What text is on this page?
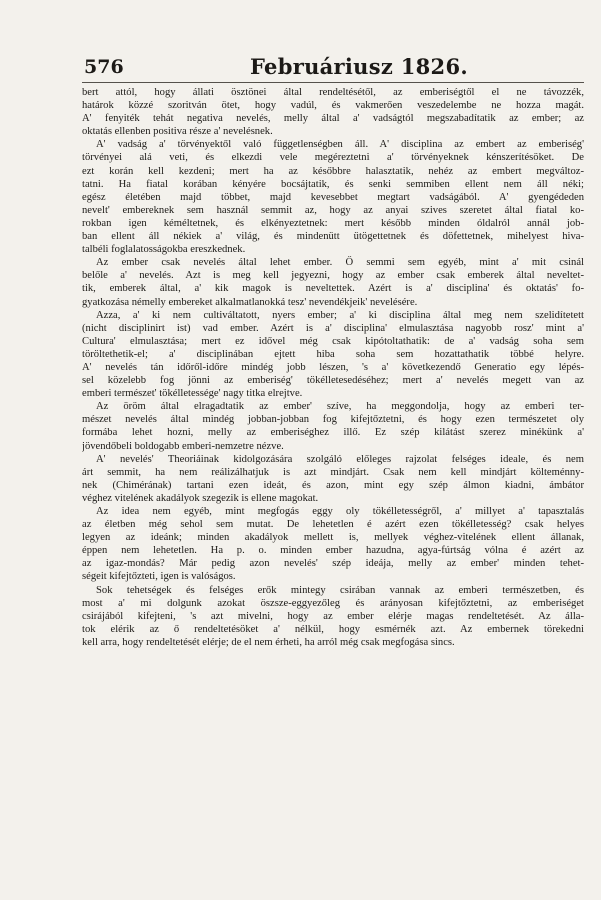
576	Februáriusz 1826.
bert attól, hogy állati ösztönei által rendeltésétől, az emberiségtől el ne távozzék,
határok közzé szoritván ötet, hogy vadúl, és vakmerően veszedelembe ne hozza magát.
A' fenyiték tehát negativa nevelés, melly által a' vadságtól megszabadítatik az ember; az
oktatás ellenben positiva része a' nevelésnek.
A' vadság a' törvényektől való függetlenségben áll. A' disciplina az embert az emberiség'
törvényei alá veti, és elkezdi vele megéreztetni a' törvényeknek kénszerítésöket. De
ezt korán kell kezdeni; mert ha az későbbre halasztatik, nehéz az embert megváltoz-
tatni. Ha fiatal korában kényére bocsájtatik, és senki semmiben ellent nem áll néki;
egész életében majd többet, majd kevesebbet megtart vadságából. A' gyengédeden
nevelt' embereknek sem használ semmit az, hogy az anyai szives szeretet által fiatal ko-
rokban igen kéméltetnek, és elkényeztetnek: mert később minden óldalról annál job-
ban ellent áll nékiek a' világ, és mindenütt ütögettetnek és döfettetnek, mihelyest hiva-
talbéli foglalatosságokba ereszkednek.
Az ember csak nevelés által lehet ember. Ő semmi sem egyéb, mint a' mit csinál
belőle a' nevelés. Azt is meg kell jegyezni, hogy az ember csak emberek által neveltet-
tik, emberek által, a' kik magok is neveltettek. Azért is a' disciplina' és oktatás' fo-
gyatkozása némelly embereket alkalmatlanokká tesz' nevendékjeik' nevelésére.
Azza, a' ki nem cultiváltatott, nyers ember; a' ki disciplina által meg nem szelidítetett
(nicht disciplinirt ist) vad ember. Azért is a' disciplina' elmulasztása nagyobb rosz' mint a'
Cultura' elmulasztása; mert ez idővel még csak kipótoltathatik: de a' vadság soha sem
töröltethetik-el; a' disciplinában ejtett hiba soha sem hozattathatik többé helyre.
A' nevelés tán időről-időre mindég jobb lészen, 's a' következendő Generatio egy lépés-
sel közelebb fog jönni az emberiség' tökélletesedéséhez; mert a' nevelés megett van az
emberi természet' tökélletessége' nagy titka elrejtve.
Az öröm által elragadtatik az ember' szíve, ha meggondolja, hogy az emberi ter-
mészet nevelés által mindég jobban-jobban fog kifejtőztetni, és hogy ezen természetet oly
formába lehet hozni, melly az emberiséghez illő. Ez szép kilátást szerez minékünk a'
jövendőbeli boldogabb emberi-nemzetre nézve.
A' nevelés' Theoriáinak kidolgozására szolgáló előleges rajzolat felséges ideale, és nem
árt semmit, ha nem reálizálhatjuk is azt mindjárt. Csak nem kell mindjárt költeménny-
nek (Chimérának) tartani ezen ideát, és azon, mint egy szép álmon kiadni, ámbátor
véghez vitelének akadályok szegezik is ellene magokat.
Az idea nem egyéb, mint megfogás eggy oly tökélletességről, a' millyet a' tapasztalás
az életben még sehol sem mutat. De lehetetlen é azért ezen tökélletesség? csak helyes
legyen az ideánk; minden akadályok mellett is, mellyek véghez-vitelének ellent állanak,
éppen nem lehetetlen. Ha p. o. minden ember hazudna, agya-fúrtság vólna é azért az
az igaz-mondás? Már pedig azon nevelés' szép ideája, melly az ember' minden tehet-
ségeit kifejtőzteti, igen is valóságos.
Sok tehetségek és felséges erők mintegy csirában vannak az emberi természetben, és
most a' mi dolgunk azokat öszsze-eggyezőleg és arányosan kifejtőztetni, az emberiséget
csirájából kifejteni, 's azt mivelni, hogy az ember elérje magas rendeltetését. Az álla-
tok elérik az ő rendeltetésöket a' nélkül, hogy esmérnék azt. Az embernek törekedni
kell arra, hogy rendeltetését elérje; de el nem érheti, ha arról még csak megfogása sincs.
